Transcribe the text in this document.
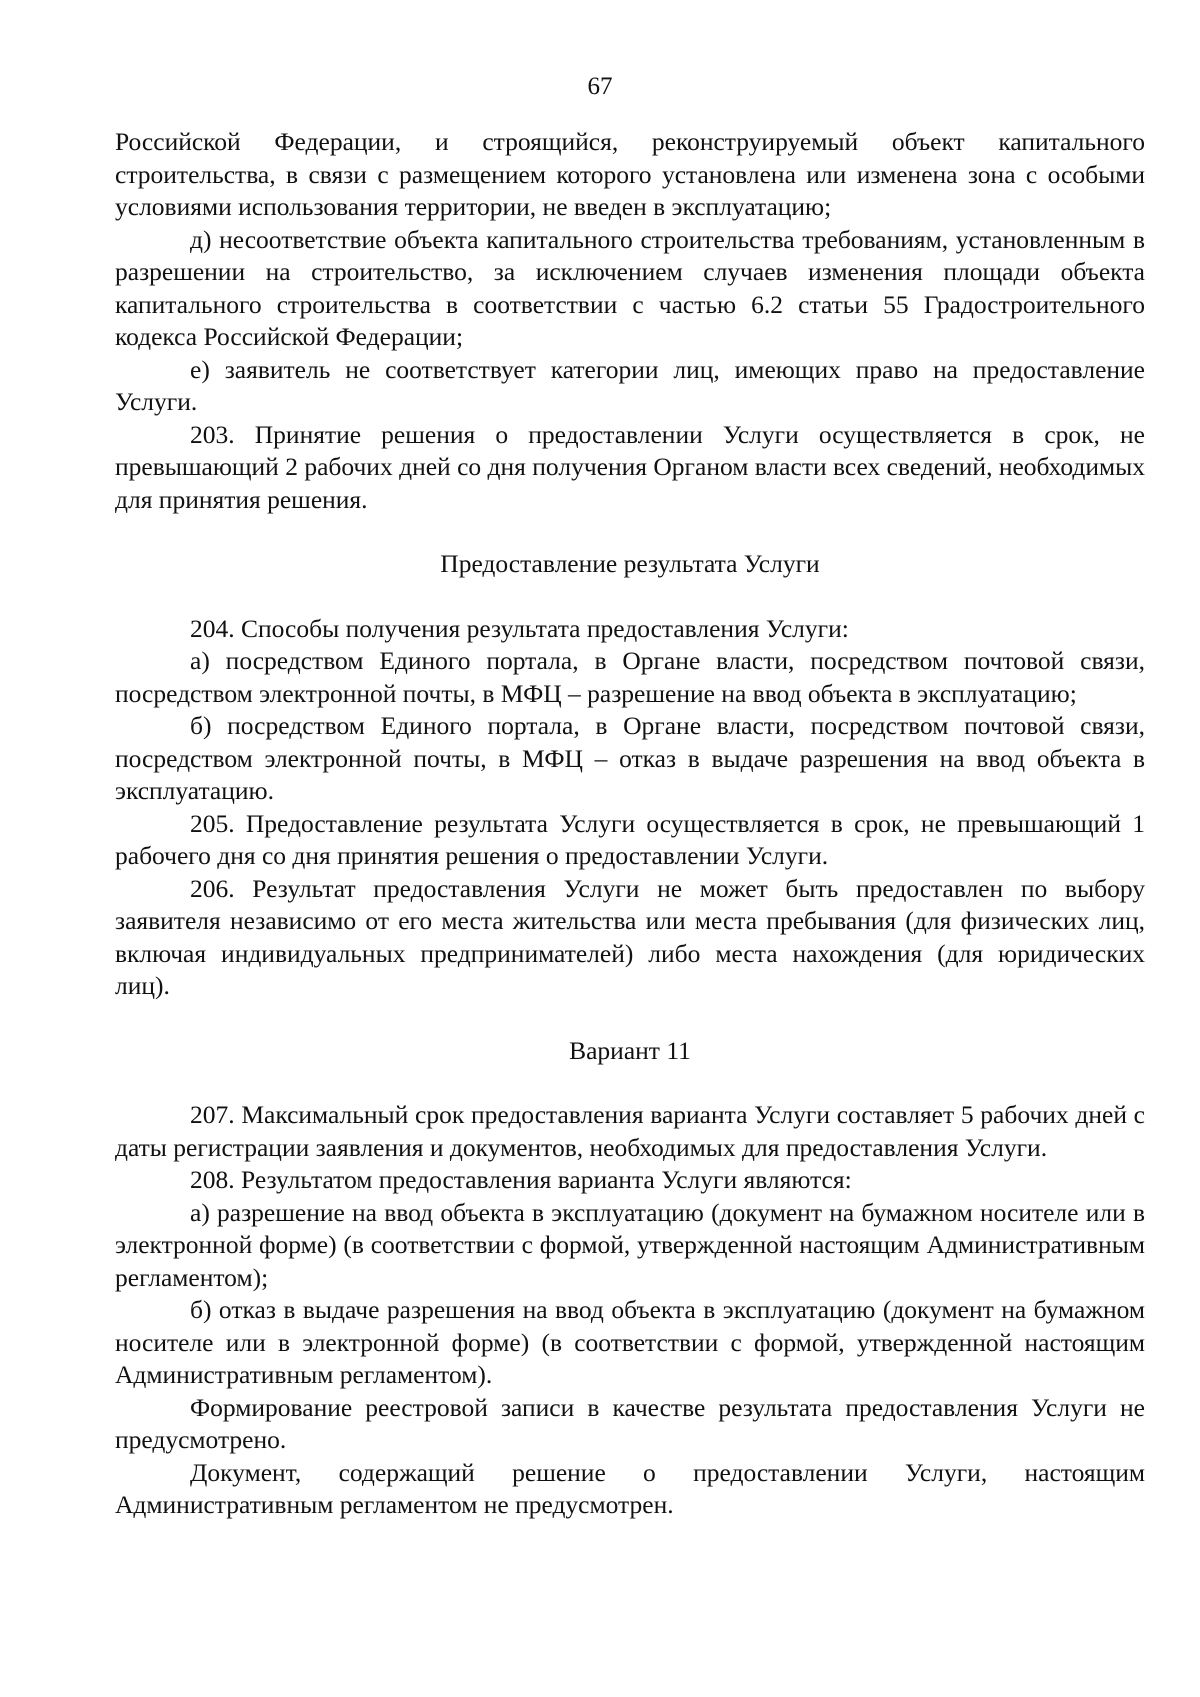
67

Российской Федерации, и строящийся, реконструируемый объект капитального строительства, в связи с размещением которого установлена или изменена зона с особыми условиями использования территории, не введен в эксплуатацию;

д) несоответствие объекта капитального строительства требованиям, установленным в разрешении на строительство, за исключением случаев изменения площади объекта капитального строительства в соответствии с частью 6.2 статьи 55 Градостроительного кодекса Российской Федерации;

е) заявитель не соответствует категории лиц, имеющих право на предоставление Услуги.

203. Принятие решения о предоставлении Услуги осуществляется в срок, не превышающий 2 рабочих дней со дня получения Органом власти всех сведений, необходимых для принятия решения.

Предоставление результата Услуги

204. Способы получения результата предоставления Услуги:

а) посредством Единого портала, в Органе власти, посредством почтовой связи, посредством электронной почты, в МФЦ – разрешение на ввод объекта в эксплуатацию;

б) посредством Единого портала, в Органе власти, посредством почтовой связи, посредством электронной почты, в МФЦ – отказ в выдаче разрешения на ввод объекта в эксплуатацию.

205. Предоставление результата Услуги осуществляется в срок, не превышающий 1 рабочего дня со дня принятия решения о предоставлении Услуги.

206. Результат предоставления Услуги не может быть предоставлен по выбору заявителя независимо от его места жительства или места пребывания (для физических лиц, включая индивидуальных предпринимателей) либо места нахождения (для юридических лиц).

Вариант 11

207. Максимальный срок предоставления варианта Услуги составляет 5 рабочих дней с даты регистрации заявления и документов, необходимых для предоставления Услуги.

208. Результатом предоставления варианта Услуги являются:

а) разрешение на ввод объекта в эксплуатацию (документ на бумажном носителе или в электронной форме) (в соответствии с формой, утвержденной настоящим Административным регламентом);

б) отказ в выдаче разрешения на ввод объекта в эксплуатацию (документ на бумажном носителе или в электронной форме) (в соответствии с формой, утвержденной настоящим Административным регламентом).

Формирование реестровой записи в качестве результата предоставления Услуги не предусмотрено.

Документ, содержащий решение о предоставлении Услуги, настоящим Административным регламентом не предусмотрен.
